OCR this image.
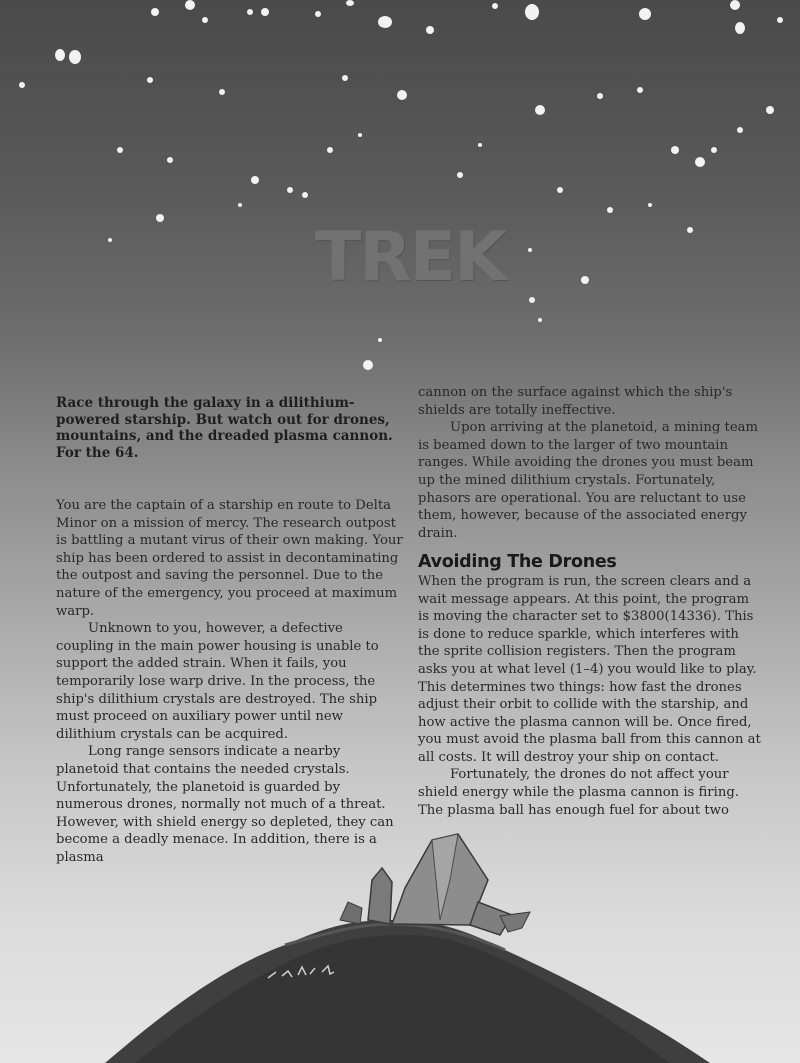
TREK

Race through the galaxy in a dilithium-powered starship. But watch out for drones, mountains, and the dreaded plasma cannon. For the 64.

You are the captain of a starship en route to Delta Minor on a mission of mercy. The research outpost is battling a mutant virus of their own making. Your ship has been ordered to assist in decontaminating the outpost and saving the personnel. Due to the nature of the emergency, you proceed at maximum warp.

Unknown to you, however, a defective coupling in the main power housing is unable to support the added strain. When it fails, you temporarily lose warp drive. In the process, the ship's dilithium crystals are destroyed. The ship must proceed on auxiliary power until new dilithium crystals can be acquired.

Long range sensors indicate a nearby planetoid that contains the needed crystals. Unfortunately, the planetoid is guarded by numerous drones, normally not much of a threat. However, with shield energy so depleted, they can become a deadly menace. In addition, there is a plasma

cannon on the surface against which the ship's shields are totally ineffective.

Upon arriving at the planetoid, a mining team is beamed down to the larger of two mountain ranges. While avoiding the drones you must beam up the mined dilithium crystals. Fortunately, phasors are operational. You are reluctant to use them, however, because of the associated energy drain.

Avoiding The Drones

When the program is run, the screen clears and a wait message appears. At this point, the program is moving the character set to $3800(14336). This is done to reduce sparkle, which interferes with the sprite collision registers. Then the program asks you at what level (1–4) you would like to play. This determines two things: how fast the drones adjust their orbit to collide with the starship, and how active the plasma cannon will be. Once fired, you must avoid the plasma ball from this cannon at all costs. It will destroy your ship on contact.

Fortunately, the drones do not affect your shield energy while the plasma cannon is firing. The plasma ball has enough fuel for about two
